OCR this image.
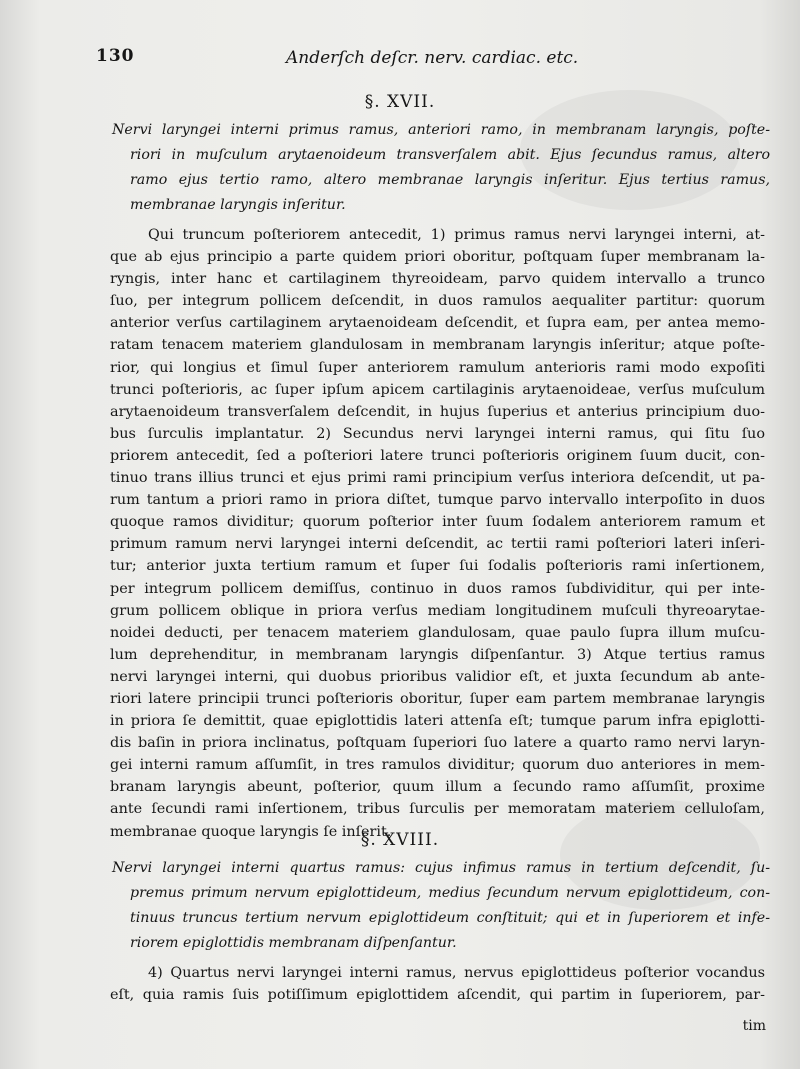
130	Anderſch deſcr. nerv. cardiac. etc.
§. XVII.

Nervi laryngei interni primus ramus, anteriori ramo, in membranam laryngis, poſte-
riori in muſculum arytaenoideum transverſalem abit. Ejus ſecundus ramus, altero
ramo ejus tertio ramo, altero membranae laryngis inſeritur. Ejus tertius ramus,
membranae laryngis inſeritur.

Qui truncum poſteriorem antecedit, 1) primus ramus nervi laryngei interni, at-
que ab ejus principio a parte quidem priori oboritur, poſtquam ſuper membranam la-
ryngis, inter hanc et cartilaginem thyreoideam, parvo quidem intervallo a trunco
ſuo, per integrum pollicem deſcendit, in duos ramulos aequaliter partitur: quorum
anterior verſus cartilaginem arytaenoideam deſcendit, et ſupra eam, per antea memo-
ratam tenacem materiem glandulosam in membranam laryngis inſeritur; atque poſte-
rior, qui longius et ſimul ſuper anteriorem ramulum anterioris rami modo expoſiti
trunci poſterioris, ac ſuper ipſum apicem cartilaginis arytaenoideae, verſus muſculum
arytaenoideum transverſalem deſcendit, in hujus ſuperius et anterius principium duo-
bus ſurculis implantatur. 2) Secundus nervi laryngei interni ramus, qui ſitu ſuo
priorem antecedit, ſed a poſteriori latere trunci poſterioris originem ſuum ducit, con-
tinuo trans illius trunci et ejus primi rami principium verſus interiora deſcendit, ut pa-
rum tantum a priori ramo in priora diſtet, tumque parvo intervallo interpoſito in duos
quoque ramos dividitur; quorum poſterior inter ſuum ſodalem anteriorem ramum et
primum ramum nervi laryngei interni deſcendit, ac tertii rami poſteriori lateri inſeri-
tur; anterior juxta tertium ramum et ſuper ſui ſodalis poſterioris rami inſertionem,
per integrum pollicem demiſſus, continuo in duos ramos ſubdividitur, qui per inte-
grum pollicem oblique in priora verſus mediam longitudinem muſculi thyreoarytae-
noidei deducti, per tenacem materiem glandulosam, quae paulo ſupra illum muſcu-
lum deprehenditur, in membranam laryngis diſpenſantur. 3) Atque tertius ramus
nervi laryngei interni, qui duobus prioribus validior eſt, et juxta ſecundum ab ante-
riori latere principii trunci poſterioris oboritur, ſuper eam partem membranae laryngis
in priora ſe demittit, quae epiglottidis lateri attenſa eſt; tumque parum infra epiglotti-
dis baſin in priora inclinatus, poſtquam ſuperiori ſuo latere a quarto ramo nervi laryn-
gei interni ramum aſſumſit, in tres ramulos dividitur; quorum duo anteriores in mem-
branam laryngis abeunt, poſterior, quum illum a ſecundo ramo aſſumſit, proxime
ante ſecundi rami inſertionem, tribus ſurculis per memoratam materiem celluloſam,
membranae quoque laryngis ſe inſerit.

§. XVIII.

Nervi laryngei interni quartus ramus: cujus infimus ramus in tertium deſcendit, ſu-
premus primum nervum epiglottideum, medius ſecundum nervum epiglottideum, con-
tinuus truncus tertium nervum epiglottideum conſtituit; qui et in ſuperiorem et infe-
riorem epiglottidis membranam diſpenſantur.

4) Quartus nervi laryngei interni ramus, nervus epiglottideus poſterior vocandus
eſt, quia ramis ſuis potiſſimum epiglottidem aſcendit, qui partim in ſuperiorem, par-

tim
